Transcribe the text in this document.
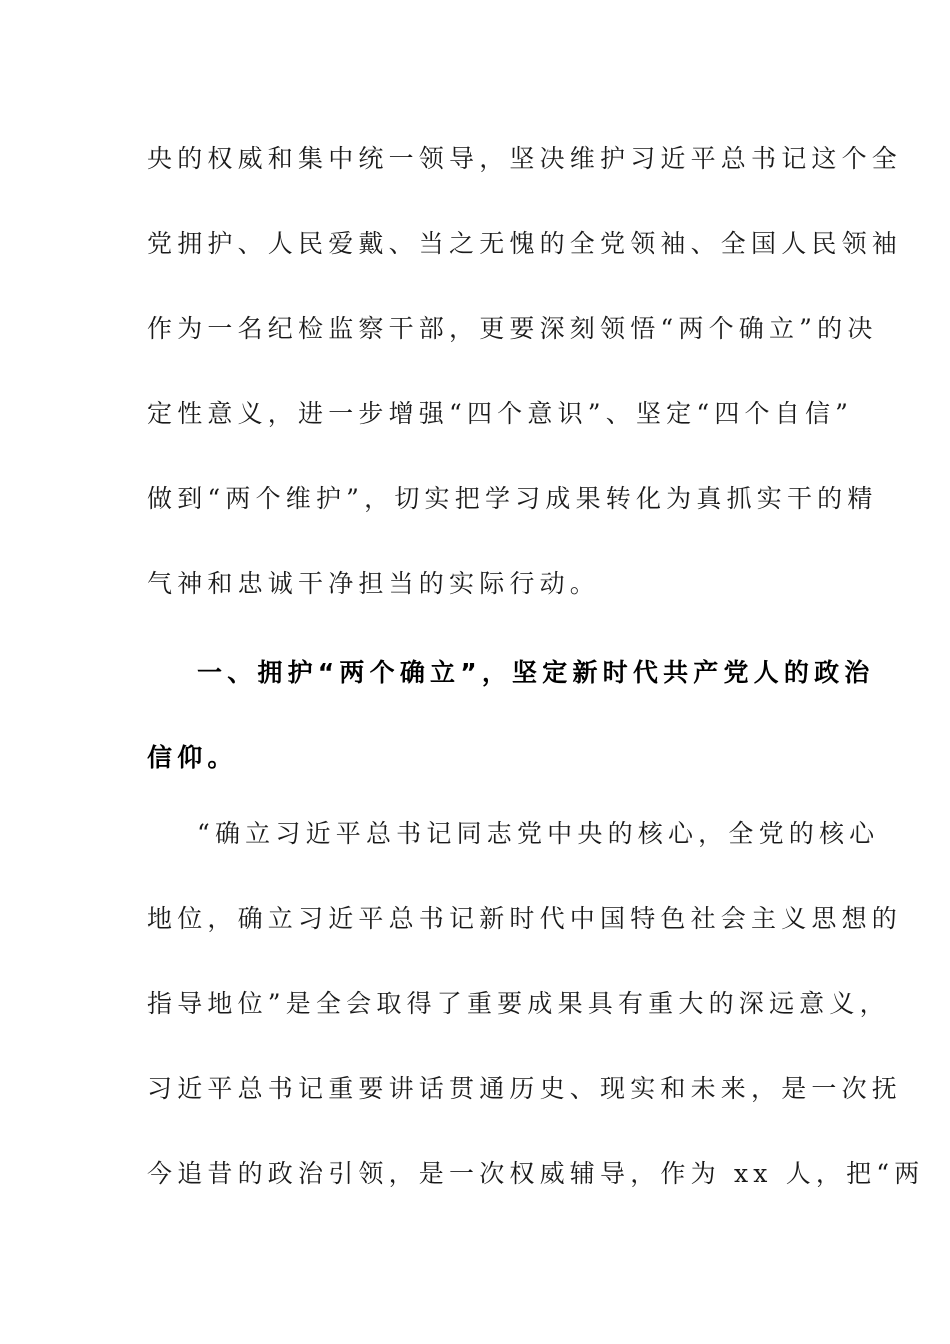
央的权威和集中统一领导，坚决维护习近平总书记这个全
党拥护、人民爱戴、当之无愧的全党领袖、全国人民领袖
作为一名纪检监察干部，更要深刻领悟“两个确立”的决
定性意义，进一步增强“四个意识”、坚定“四个自信”
做到“两个维护”，切实把学习成果转化为真抓实干的精
气神和忠诚干净担当的实际行动。
一、拥护“两个确立”，坚定新时代共产党人的政治
信仰。
“确立习近平总书记同志党中央的核心，全党的核心
地位，确立习近平总书记新时代中国特色社会主义思想的
指导地位”是全会取得了重要成果具有重大的深远意义，
习近平总书记重要讲话贯通历史、现实和未来，是一次抚
今追昔的政治引领，是一次权威辅导，作为 xx 人，把“两
